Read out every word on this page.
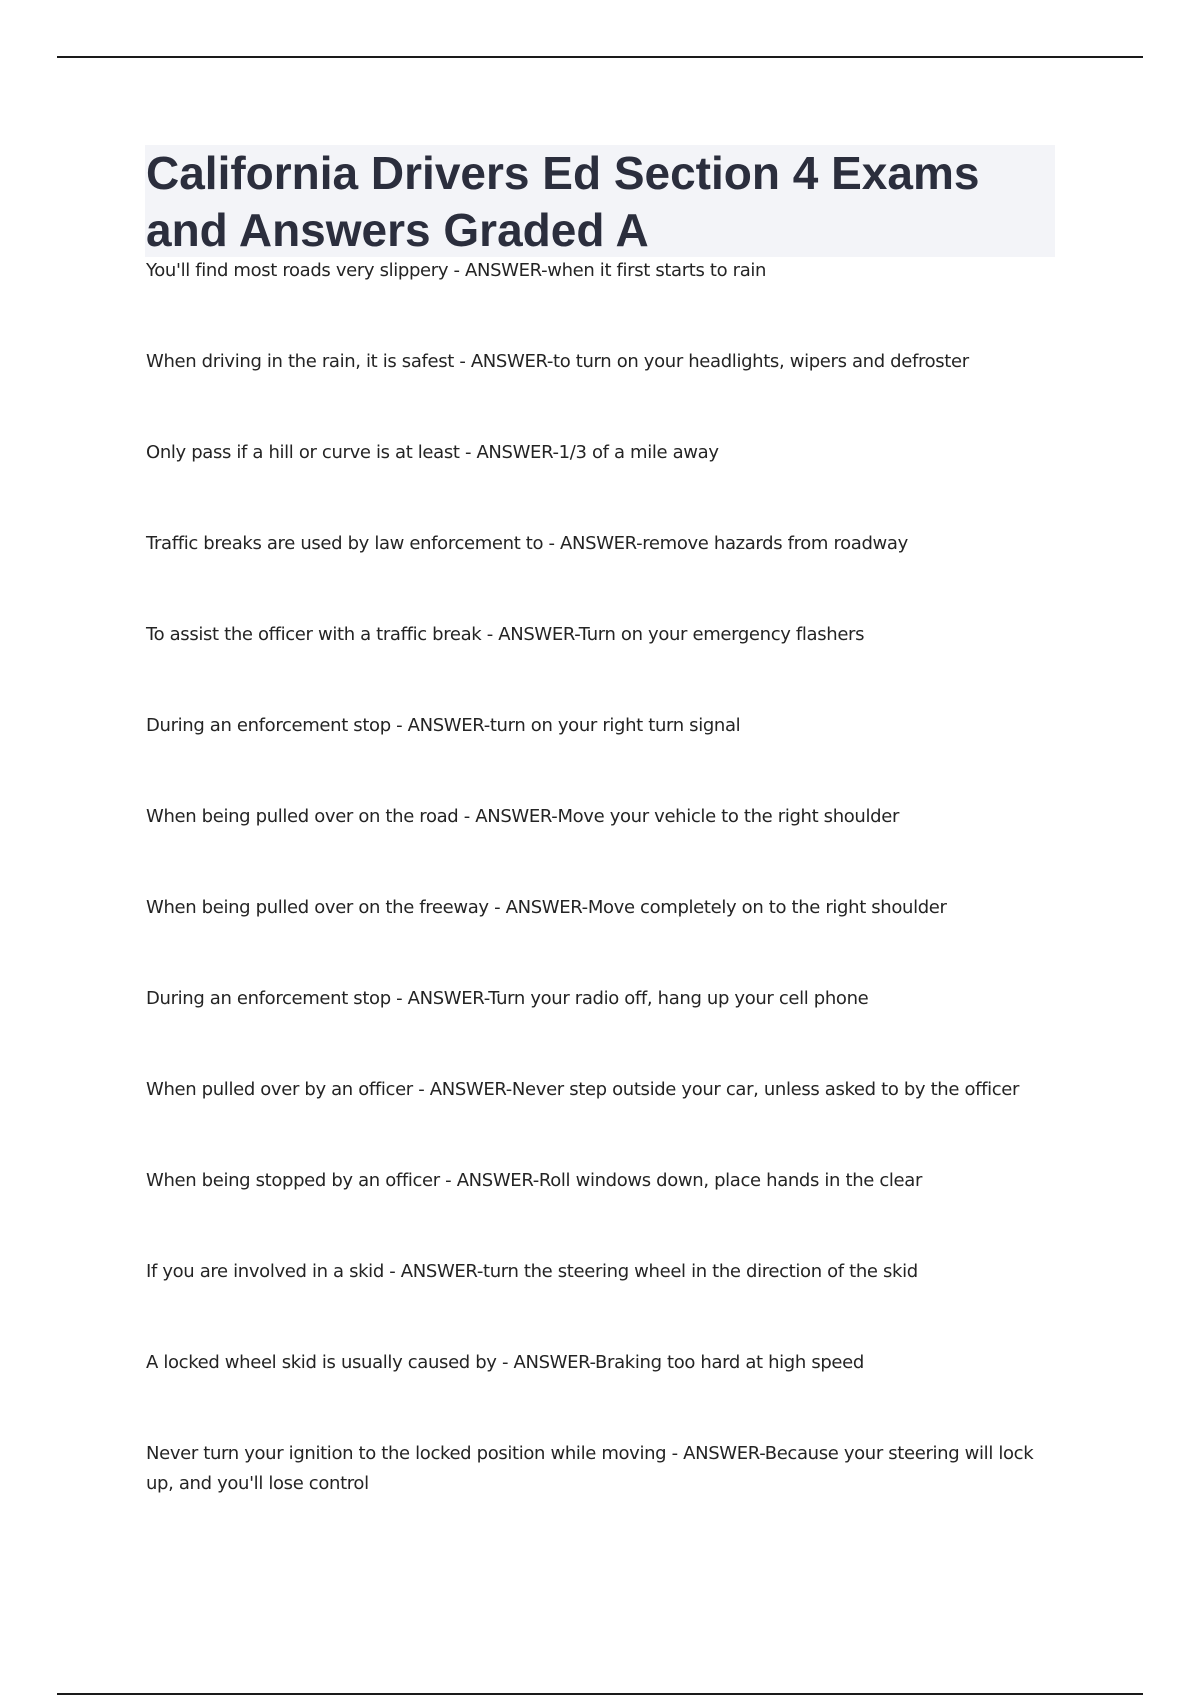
California Drivers Ed Section 4 Exams and Answers Graded A
You'll find most roads very slippery - ANSWER-when it first starts to rain
When driving in the rain, it is safest - ANSWER-to turn on your headlights, wipers and defroster
Only pass if a hill or curve is at least - ANSWER-1/3 of a mile away
Traffic breaks are used by law enforcement to - ANSWER-remove hazards from roadway
To assist the officer with a traffic break - ANSWER-Turn on your emergency flashers
During an enforcement stop - ANSWER-turn on your right turn signal
When being pulled over on the road - ANSWER-Move your vehicle to the right shoulder
When being pulled over on the freeway - ANSWER-Move completely on to the right shoulder
During an enforcement stop - ANSWER-Turn your radio off, hang up your cell phone
When pulled over by an officer - ANSWER-Never step outside your car, unless asked to by the officer
When being stopped by an officer - ANSWER-Roll windows down, place hands in the clear
If you are involved in a skid - ANSWER-turn the steering wheel in the direction of the skid
A locked wheel skid is usually caused by - ANSWER-Braking too hard at high speed
Never turn your ignition to the locked position while moving - ANSWER-Because your steering will lock up, and you'll lose control
